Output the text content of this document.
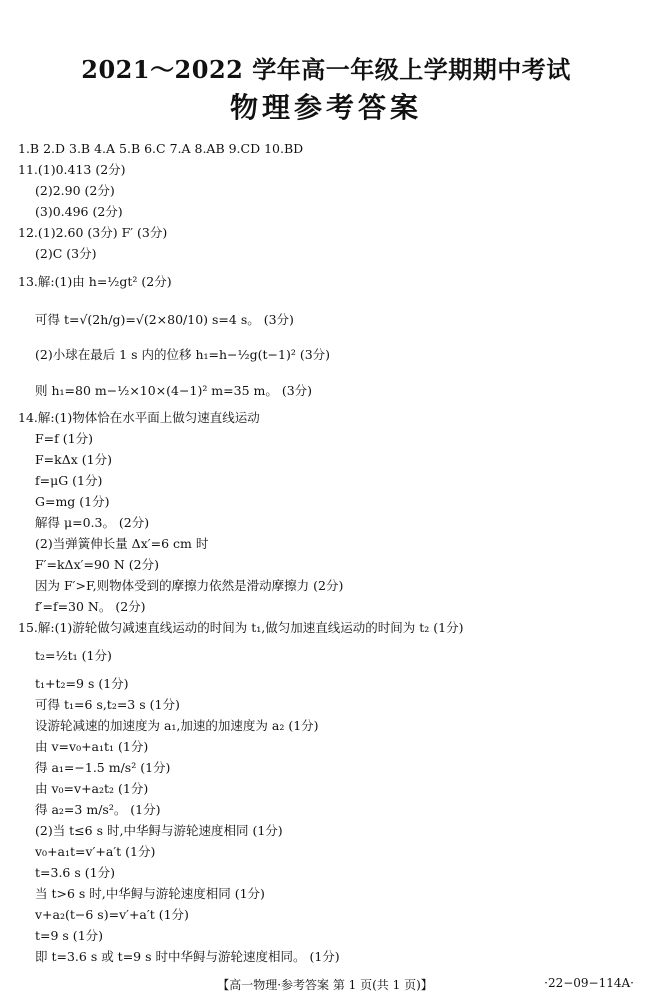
2021～2022 学年高一年级上学期期中考试
物理参考答案
1.B 2.D 3.B 4.A 5.B 6.C 7.A 8.AB 9.CD 10.BD
11.(1)0.413 (2分)
(2)2.90 (2分)
(3)0.496 (2分)
12.(1)2.60 (3分) F′ (3分)
(2)C (3分)
13.解:(1)由 h=½gt² (2分)
可得 t=√(2h/g)=√(2×80/10) s=4 s。 (3分)
(2)小球在最后 1 s 内的位移 h₁=h−½g(t−1)² (3分)
则 h₁=80 m−½×10×(4−1)² m=35 m。 (3分)
14.解:(1)物体恰在水平面上做匀速直线运动
F=f (1分)
F=kΔx (1分)
f=μG (1分)
G=mg (1分)
解得 μ=0.3。 (2分)
(2)当弹簧伸长量 Δx′=6 cm 时
F′=kΔx′=90 N (2分)
因为 F′>F,则物体受到的摩擦力依然是滑动摩擦力 (2分)
f′=f=30 N。 (2分)
15.解:(1)游轮做匀减速直线运动的时间为 t₁,做匀加速直线运动的时间为 t₂ (1分)
t₂=½t₁ (1分)
t₁+t₂=9 s (1分)
可得 t₁=6 s,t₂=3 s (1分)
设游轮减速的加速度为 a₁,加速的加速度为 a₂ (1分)
由 v=v₀+a₁t₁ (1分)
得 a₁=−1.5 m/s² (1分)
由 v₀=v+a₂t₂ (1分)
得 a₂=3 m/s²。 (1分)
(2)当 t≤6 s 时,中华鲟与游轮速度相同 (1分)
v₀+a₁t=v′+a′t (1分)
t=3.6 s (1分)
当 t>6 s 时,中华鲟与游轮速度相同 (1分)
v+a₂(t−6 s)=v′+a′t (1分)
t=9 s (1分)
即 t=3.6 s 或 t=9 s 时中华鲟与游轮速度相同。 (1分)
【高一物理·参考答案 第 1 页(共 1 页)】	·22−09−114A·
